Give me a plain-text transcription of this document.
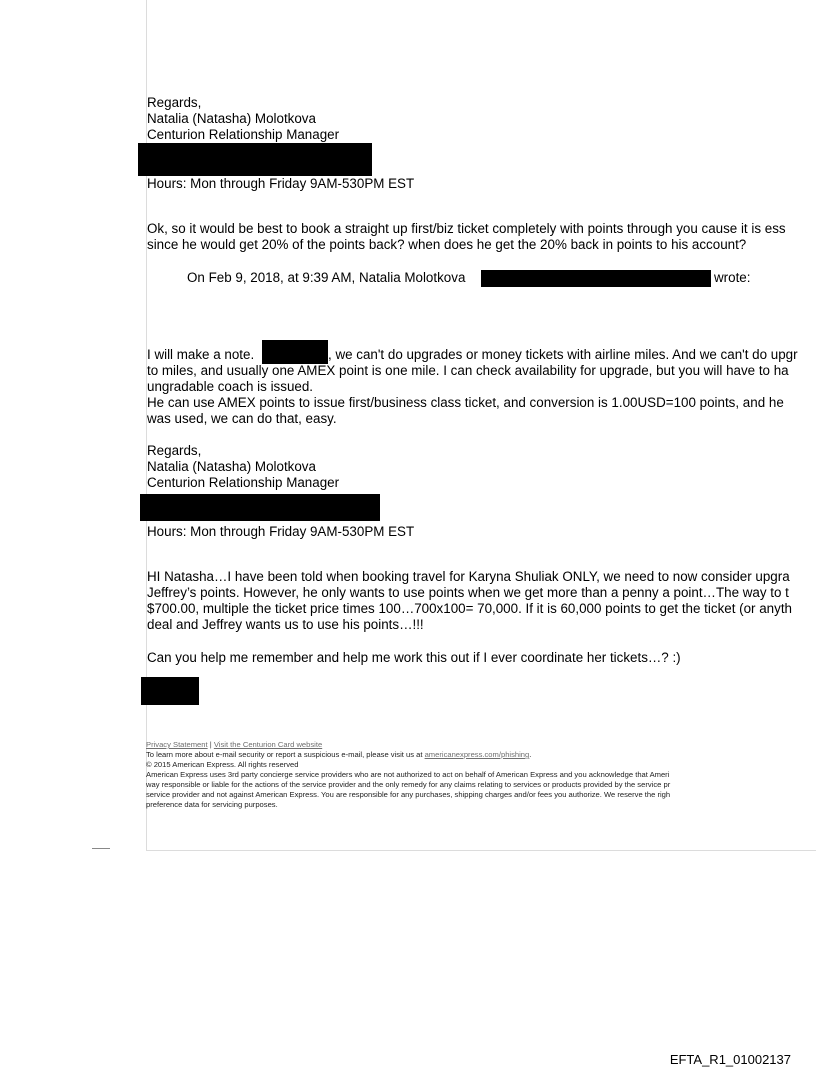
Regards,
Natalia (Natasha) Molotkova
Centurion Relationship Manager
Hours: Mon through Friday 9AM-530PM EST
Ok, so it would be best to book a straight up first/biz ticket completely with points through you cause it is ess
since he would get 20% of the points back? when does he get the 20% back in points to his account?
On Feb 9, 2018, at 9:39 AM, Natalia Molotkova	wrote:
I will make a note.	, we can't do upgrades or money tickets with airline miles. And we can't do upgr
to miles, and usually one AMEX point is one mile. I can check availability for upgrade, but you will have to ha
ungradable coach is issued.
He can use AMEX points to issue first/business class ticket, and conversion is 1.00USD=100 points, and he
was used, we can do that, easy.
Regards,
Natalia (Natasha) Molotkova
Centurion Relationship Manager
Hours: Mon through Friday 9AM-530PM EST
HI Natasha…I have been told when booking travel for Karyna Shuliak ONLY, we need to now consider upgra
Jeffrey’s points. However, he only wants to use points when we get more than a penny a point…The way to t
$700.00, multiple the ticket price times 100…700x100= 70,000. If it is 60,000 points to get the ticket (or anyth
deal and Jeffrey wants us to use his points…!!!
Can you help me remember and help me work this out if I ever coordinate her tickets…? :)
Privacy Statement | Visit the Centurion Card website
To learn more about e-mail security or report a suspicious e-mail, please visit us at americanexpress.com/phishing.
© 2015 American Express. All rights reserved
American Express uses 3rd party concierge service providers who are not authorized to act on behalf of American Express and you acknowledge that Ameri
way responsible or liable for the actions of the service provider and the only remedy for any claims relating to services or products provided by the service pr
service provider and not against American Express. You are responsible for any purchases, shipping charges and/or fees you authorize. We reserve the righ
preference data for servicing purposes.
EFTA_R1_01002137
